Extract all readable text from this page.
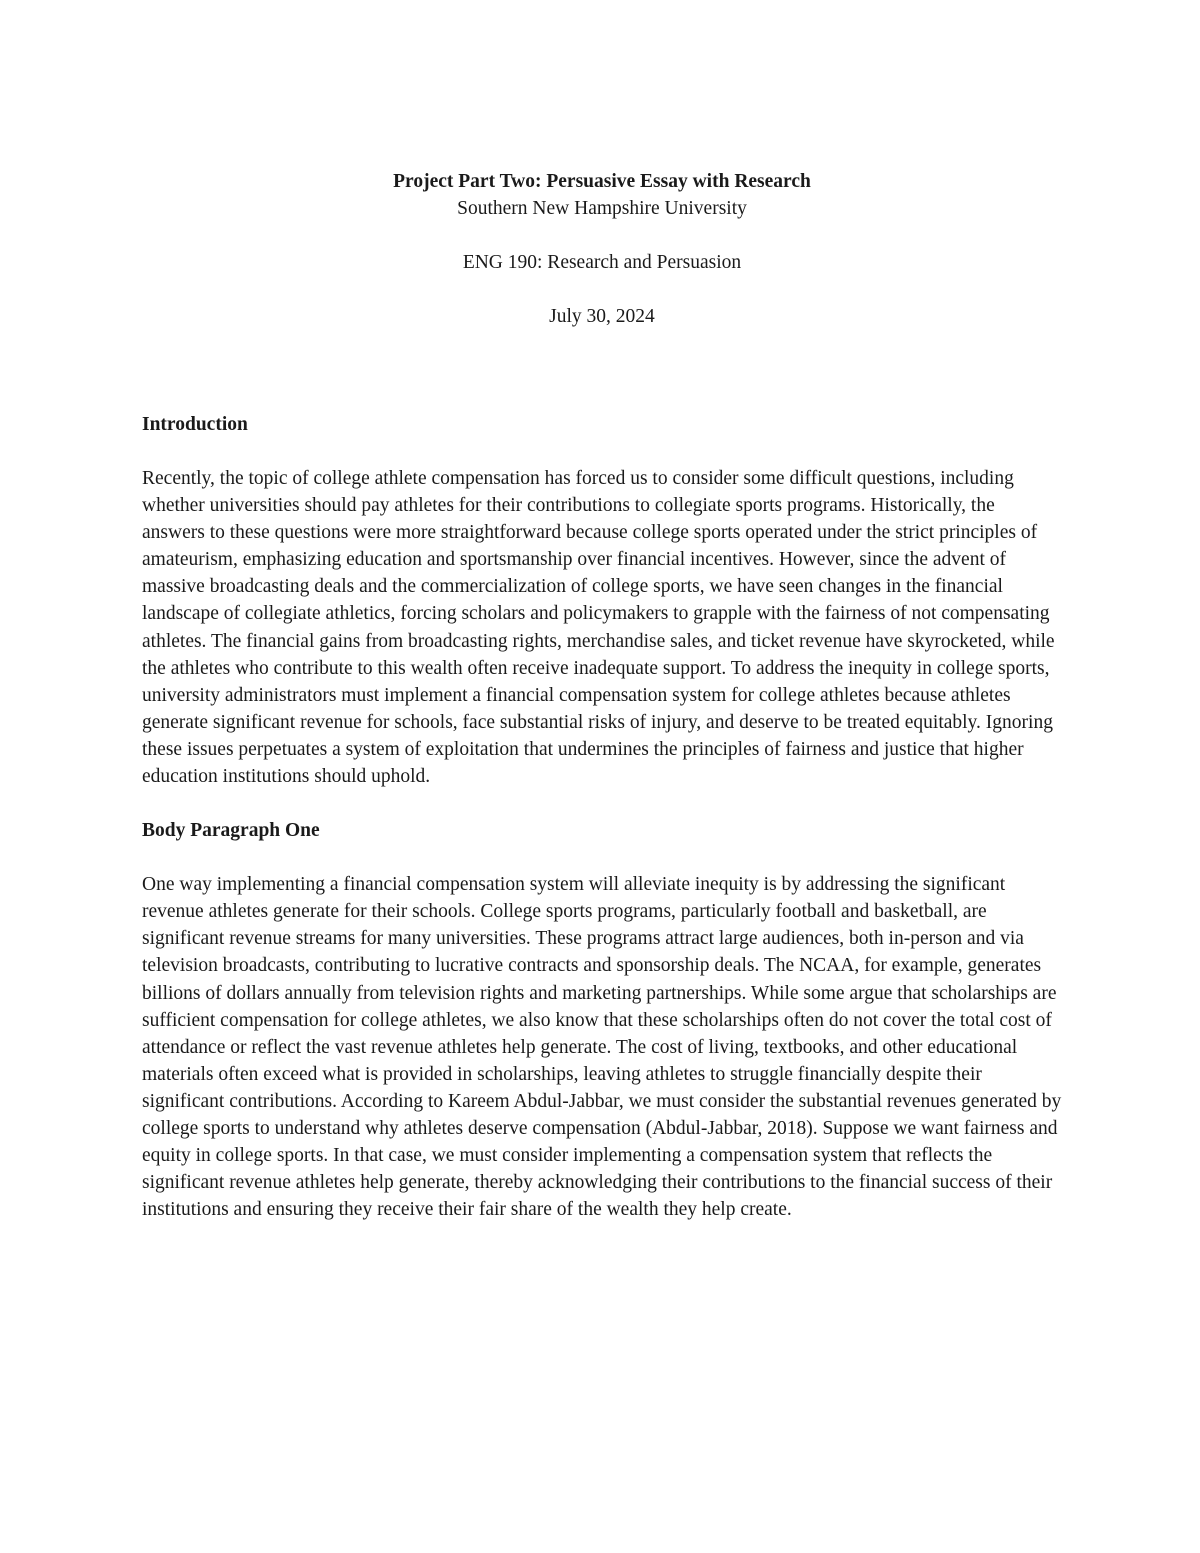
Project Part Two: Persuasive Essay with Research

Southern New Hampshire University

ENG 190: Research and Persuasion

July 30, 2024

Introduction

Recently, the topic of college athlete compensation has forced us to consider some difficult questions, including whether universities should pay athletes for their contributions to collegiate sports programs. Historically, the answers to these questions were more straightforward because college sports operated under the strict principles of amateurism, emphasizing education and sportsmanship over financial incentives. However, since the advent of massive broadcasting deals and the commercialization of college sports, we have seen changes in the financial landscape of collegiate athletics, forcing scholars and policymakers to grapple with the fairness of not compensating athletes. The financial gains from broadcasting rights, merchandise sales, and ticket revenue have skyrocketed, while the athletes who contribute to this wealth often receive inadequate support. To address the inequity in college sports, university administrators must implement a financial compensation system for college athletes because athletes generate significant revenue for schools, face substantial risks of injury, and deserve to be treated equitably. Ignoring these issues perpetuates a system of exploitation that undermines the principles of fairness and justice that higher education institutions should uphold.

Body Paragraph One

One way implementing a financial compensation system will alleviate inequity is by addressing the significant revenue athletes generate for their schools. College sports programs, particularly football and basketball, are significant revenue streams for many universities. These programs attract large audiences, both in-person and via television broadcasts, contributing to lucrative contracts and sponsorship deals. The NCAA, for example, generates billions of dollars annually from television rights and marketing partnerships. While some argue that scholarships are sufficient compensation for college athletes, we also know that these scholarships often do not cover the total cost of attendance or reflect the vast revenue athletes help generate. The cost of living, textbooks, and other educational materials often exceed what is provided in scholarships, leaving athletes to struggle financially despite their significant contributions. According to Kareem Abdul-Jabbar, we must consider the substantial revenues generated by college sports to understand why athletes deserve compensation (Abdul-Jabbar, 2018). Suppose we want fairness and equity in college sports. In that case, we must consider implementing a compensation system that reflects the significant revenue athletes help generate, thereby acknowledging their contributions to the financial success of their institutions and ensuring they receive their fair share of the wealth they help create.
